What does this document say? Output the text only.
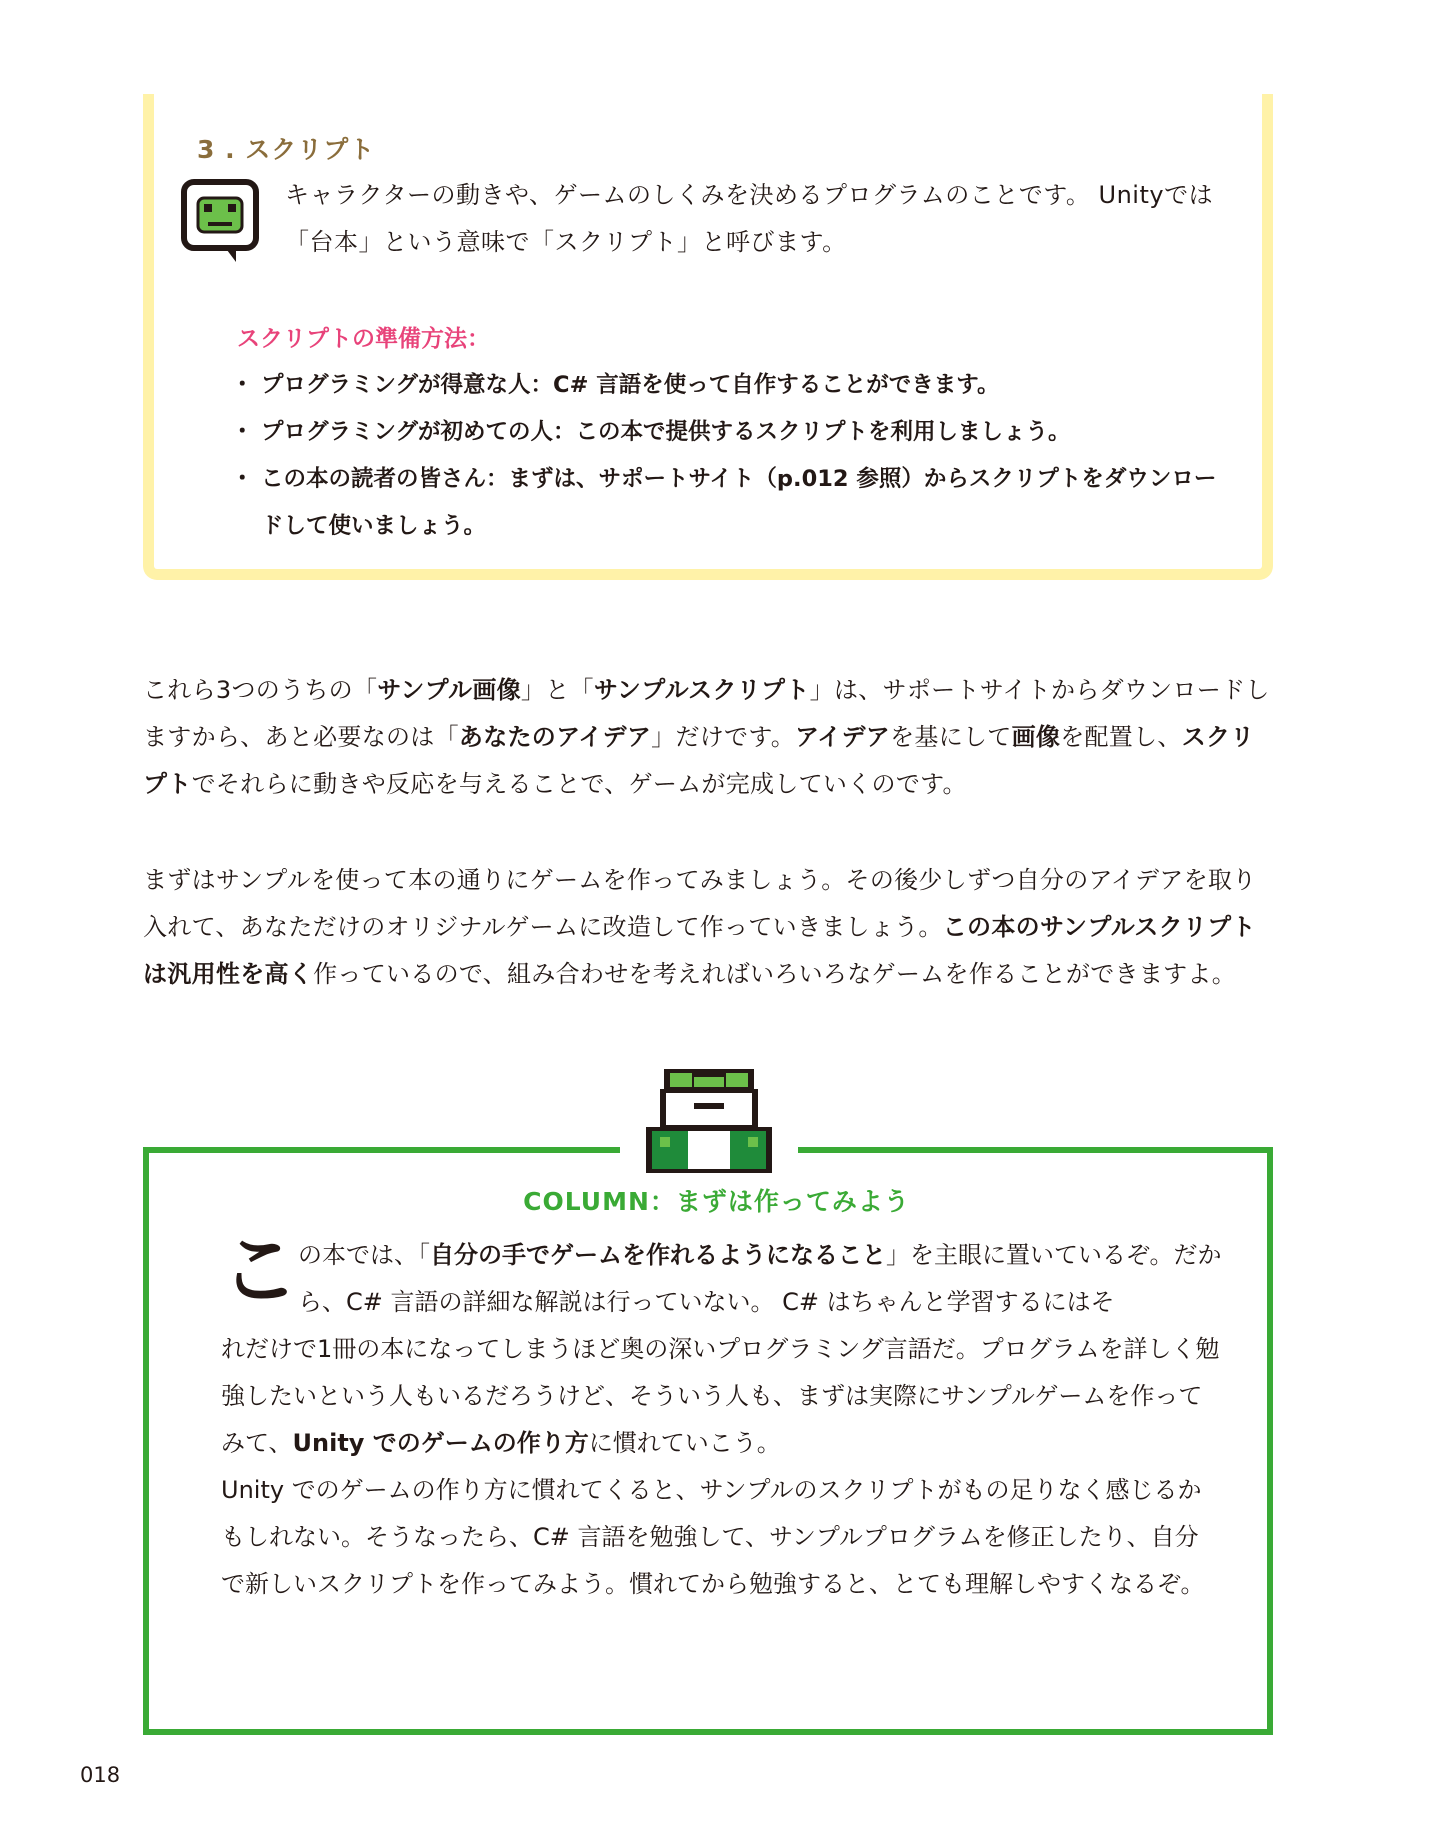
3 . スクリプト
キャラクターの動きや、ゲームのしくみを決めるプログラムのことです。 Unityでは「台本」という意味で「スクリプト」と呼びます。
スクリプトの準備方法：
・ プログラミングが得意な人：C# 言語を使って自作することができます。
・ プログラミングが初めての人：この本で提供するスクリプトを利用しましょう。
・ この本の読者の皆さん：まずは、サポートサイト（p.012 参照）からスクリプトをダウンロードして使いましょう。

これら3つのうちの「サンプル画像」と「サンプルスクリプト」は、サポートサイトからダウンロードしますから、あと必要なのは「あなたのアイデア」だけです。アイデアを基にして画像を配置し、スクリプトでそれらに動きや反応を与えることで、ゲームが完成していくのです。

まずはサンプルを使って本の通りにゲームを作ってみましょう。その後少しずつ自分のアイデアを取り入れて、あなただけのオリジナルゲームに改造して作っていきましょう。この本のサンプルスクリプトは汎用性を高く作っているので、組み合わせを考えればいろいろなゲームを作ることができますよ。

COLUMN：まずは作ってみよう
こ
の本では、「自分の手でゲームを作れるようになること」を主眼に置いているぞ。だから、C# 言語の詳細な解説は行っていない。 C# はちゃんと学習するにはそ
れだけで1冊の本になってしまうほど奥の深いプログラミング言語だ。プログラムを詳しく勉強したいという人もいるだろうけど、そういう人も、まずは実際にサンプルゲームを作ってみて、Unity でのゲームの作り方に慣れていこう。
Unity でのゲームの作り方に慣れてくると、サンプルのスクリプトがもの足りなく感じるかもしれない。そうなったら、C# 言語を勉強して、サンプルプログラムを修正したり、自分で新しいスクリプトを作ってみよう。慣れてから勉強すると、とても理解しやすくなるぞ。
018
